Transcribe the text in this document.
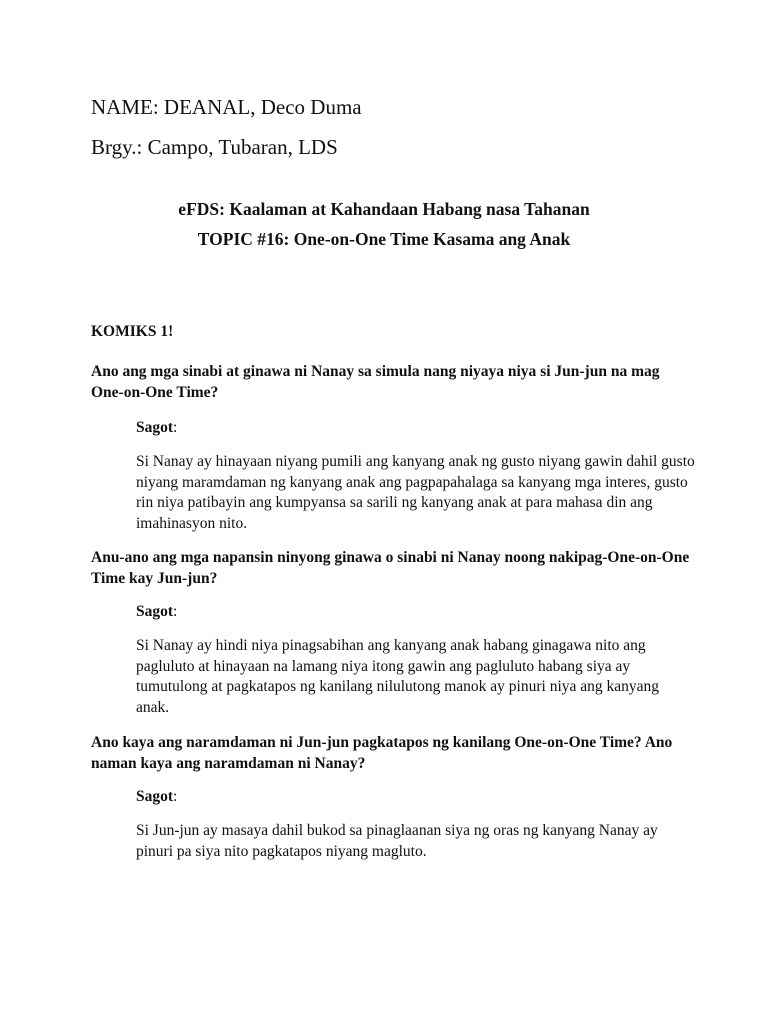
NAME: DEANAL, Deco Duma
Brgy.: Campo, Tubaran, LDS
eFDS: Kaalaman at Kahandaan Habang nasa Tahanan
TOPIC #16: One-on-One Time Kasama ang Anak
KOMIKS 1!
Ano ang mga sinabi at ginawa ni Nanay sa simula nang niyaya niya si Jun-jun na mag One-on-One Time?
Sagot:
Si Nanay ay hinayaan niyang pumili ang kanyang anak ng gusto niyang gawin dahil gusto niyang maramdaman ng kanyang anak ang pagpapahalaga sa kanyang mga interes, gusto rin niya patibayin ang kumpyansa sa sarili ng kanyang anak at para mahasa din ang imahinasyon nito.
Anu-ano ang mga napansin ninyong ginawa o sinabi ni Nanay noong nakipag-One-on-One Time kay Jun-jun?
Sagot:
Si Nanay ay hindi niya pinagsabihan ang kanyang anak habang ginagawa nito ang pagluluto at hinayaan na lamang niya itong gawin ang pagluluto habang siya ay tumutulong at pagkatapos ng kanilang nilulutong manok ay pinuri niya ang kanyang anak.
Ano kaya ang naramdaman ni Jun-jun pagkatapos ng kanilang One-on-One Time? Ano naman kaya ang naramdaman ni Nanay?
Sagot:
Si Jun-jun ay masaya dahil bukod sa pinaglaanan siya ng oras ng kanyang Nanay ay pinuri pa siya nito pagkatapos niyang magluto.
